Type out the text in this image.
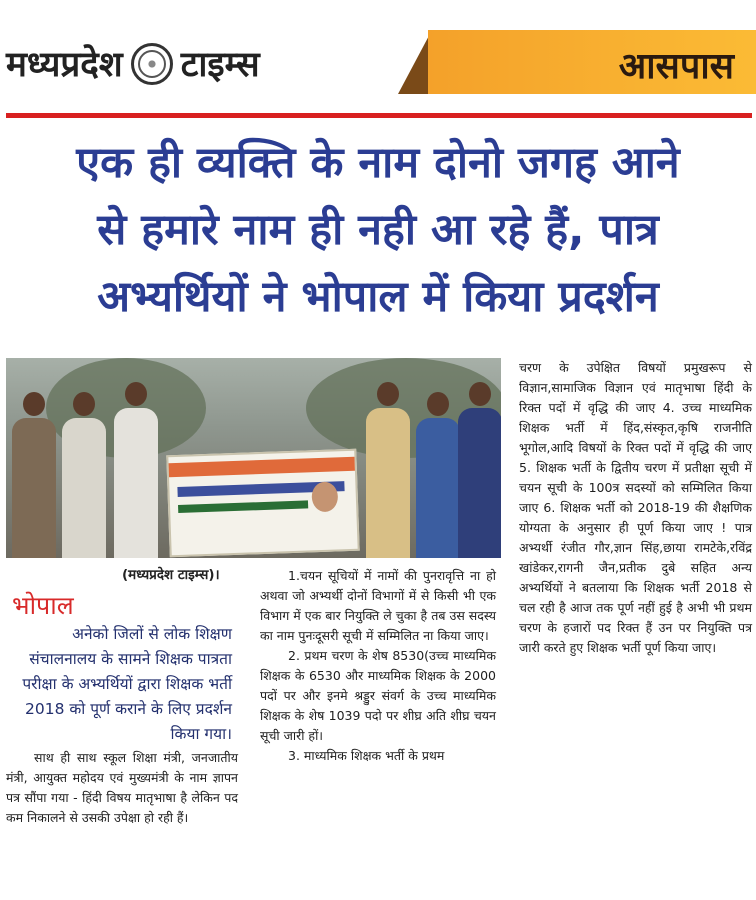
मध्यप्रदेश टाइम्स	आसपास
एक ही व्यक्ति के नाम दोनो जगह आने
से हमारे नाम ही नही आ रहे हैं, पात्र
अभ्यर्थियों ने भोपाल में किया प्रदर्शन
(मध्यप्रदेश टाइम्स)।
भोपाल
अनेको जिलों से लोक शिक्षण संचालनालय के सामने शिक्षक पात्रता परीक्षा के अभ्यर्थियों द्वारा शिक्षक भर्ती 2018 को पूर्ण कराने के लिए प्रदर्शन किया गया।

साथ ही साथ स्कूल शिक्षा मंत्री, जनजातीय मंत्री, आयुक्त महोदय एवं मुख्यमंत्री के नाम ज्ञापन पत्र सौंपा गया - हिंदी विषय मातृभाषा है लेकिन पद कम निकालने से उसकी उपेक्षा हो रही हैं।

1.चयन सूचियों में नामों की पुनरावृत्ति ना हो अथवा जो अभ्यर्थी दोनों विभागों में से किसी भी एक विभाग में एक बार नियुक्ति ले चुका है तब उस सदस्य का नाम पुनःदूसरी सूची में सम्मिलित ना किया जाए।

2. प्रथम चरण के शेष 8530(उच्च माध्यमिक शिक्षक के 6530 और माध्यमिक शिक्षक के 2000 पदों पर और इनमे श्रड्डुर संवर्ग के उच्च माध्यमिक शिक्षक के शेष 1039 पदो पर शीघ्र अति शीघ्र चयन सूची जारी हों।

3. माध्यमिक शिक्षक भर्ती के प्रथम

चरण के उपेक्षित विषयों प्रमुखरूप से विज्ञान,सामाजिक विज्ञान एवं मातृभाषा हिंदी के रिक्त पदों में वृद्धि की जाए 4. उच्च माध्यमिक शिक्षक भर्ती में हिंद,संस्कृत,कृषि राजनीति भूगोल,आदि विषयों के रिक्त पदों में वृद्धि की जाए 5. शिक्षक भर्ती के द्वितीय चरण में प्रतीक्षा सूची में चयन सूची के 100त्र सदस्यों को सम्मिलित किया जाए 6. शिक्षक भर्ती को 2018-19 की शैक्षणिक योग्यता के अनुसार ही पूर्ण किया जाए ! पात्र अभ्यर्थी रंजीत गौर,ज्ञान सिंह,छाया रामटेके,रविंद्र खांडेकर,रागनी जैन,प्रतीक दुबे सहित अन्य अभ्यर्थियों ने बतलाया कि शिक्षक भर्ती 2018 से चल रही है आज तक पूर्ण नहीं हुई है अभी भी प्रथम चरण के हजारों पद रिक्त हैं उन पर नियुक्ति पत्र जारी करते हुए शिक्षक भर्ती पूर्ण किया जाए।
